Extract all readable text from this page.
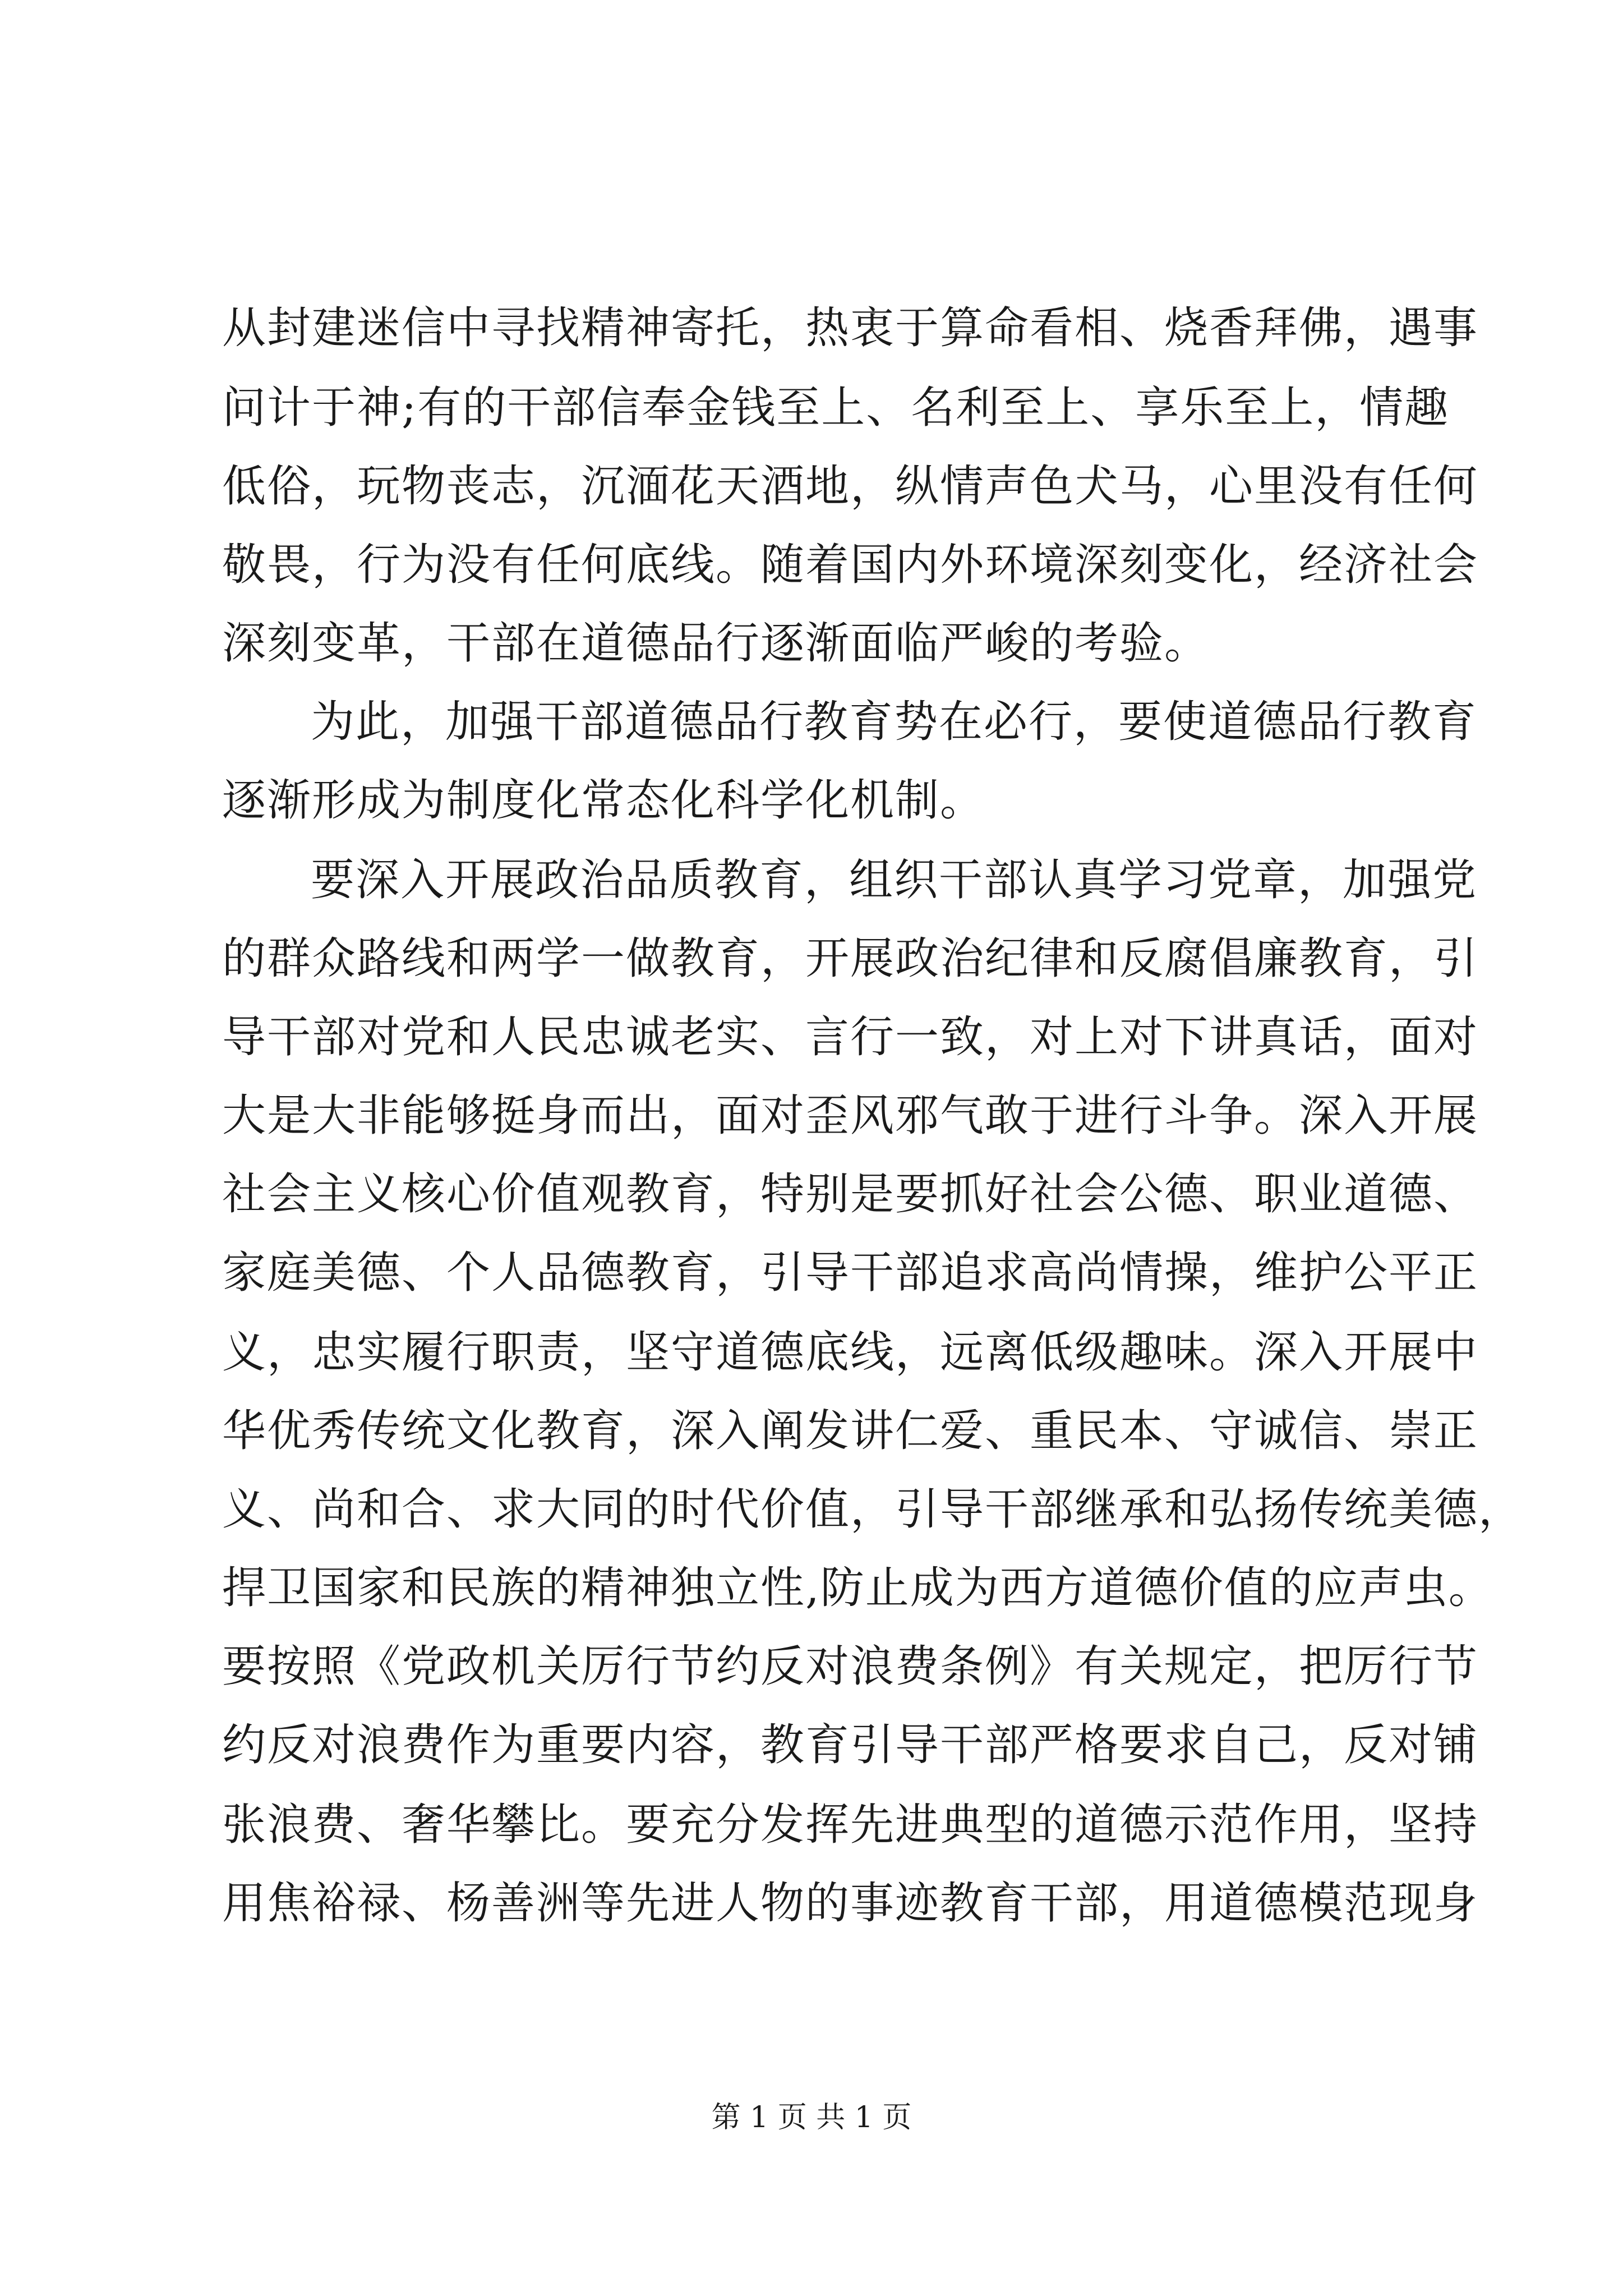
从封建迷信中寻找精神寄托，热衷于算命看相、烧香拜佛，遇事
问计于神;有的干部信奉金钱至上、名利至上、享乐至上，情趣
低俗，玩物丧志，沉湎花天酒地，纵情声色犬马，心里没有任何
敬畏，行为没有任何底线。随着国内外环境深刻变化，经济社会
深刻变革，干部在道德品行逐渐面临严峻的考验。
为此，加强干部道德品行教育势在必行，要使道德品行教育
逐渐形成为制度化常态化科学化机制。
要深入开展政治品质教育，组织干部认真学习党章，加强党
的群众路线和两学一做教育，开展政治纪律和反腐倡廉教育，引
导干部对党和人民忠诚老实、言行一致，对上对下讲真话，面对
大是大非能够挺身而出，面对歪风邪气敢于进行斗争。深入开展
社会主义核心价值观教育，特别是要抓好社会公德、职业道德、
家庭美德、个人品德教育，引导干部追求高尚情操，维护公平正
义，忠实履行职责，坚守道德底线，远离低级趣味。深入开展中
华优秀传统文化教育，深入阐发讲仁爱、重民本、守诚信、崇正
义、尚和合、求大同的时代价值，引导干部继承和弘扬传统美德，
捍卫国家和民族的精神独立性,防止成为西方道德价值的应声虫。
要按照《党政机关厉行节约反对浪费条例》有关规定，把厉行节
约反对浪费作为重要内容，教育引导干部严格要求自己，反对铺
张浪费、奢华攀比。要充分发挥先进典型的道德示范作用，坚持
用焦裕禄、杨善洲等先进人物的事迹教育干部，用道德模范现身
第 1 页 共 1 页
